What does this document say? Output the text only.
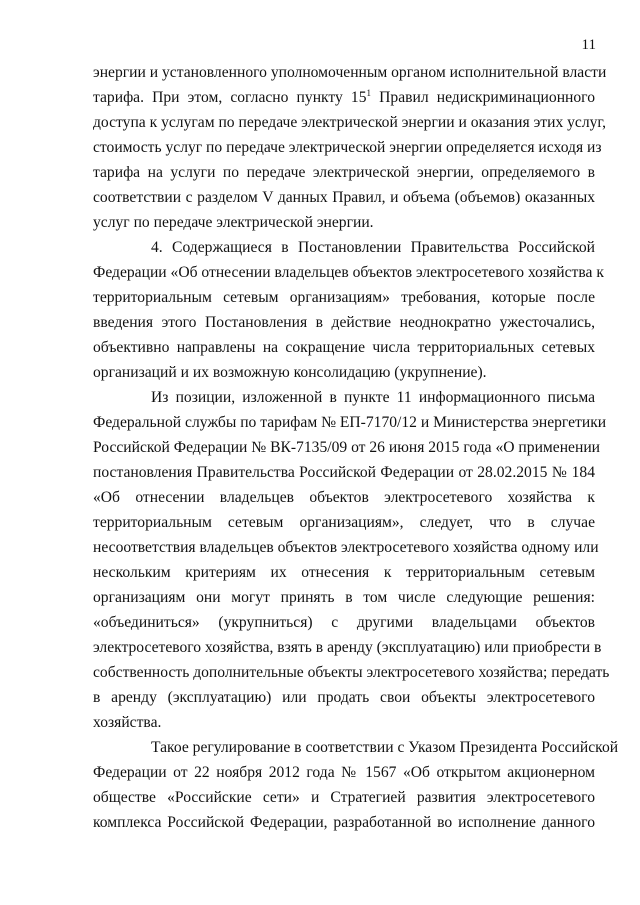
11
энергии и установленного уполномоченным органом исполнительной власти
тарифа. При этом, согласно пункту $15^1$ Правил недискриминационного
доступа к услугам по передаче электрической энергии и оказания этих услуг,
стоимость услуг по передаче электрической энергии определяется исходя из
тарифа на услуги по передаче электрической энергии, определяемого в
соответствии с разделом V данных Правил, и объема (объемов) оказанных
услуг по передаче электрической энергии.
4. Содержащиеся в Постановлении Правительства Российской
Федерации «Об отнесении владельцев объектов электросетевого хозяйства к
территориальным сетевым организациям» требования, которые после
введения этого Постановления в действие неоднократно ужесточались,
объективно направлены на сокращение числа территориальных сетевых
организаций и их возможную консолидацию (укрупнение).
Из позиции, изложенной в пункте 11 информационного письма
Федеральной службы по тарифам № ЕП-7170/12 и Министерства энергетики
Российской Федерации № ВК-7135/09 от 26 июня 2015 года «О применении
постановления Правительства Российской Федерации от 28.02.2015 № 184
«Об отнесении владельцев объектов электросетевого хозяйства к
территориальным сетевым организациям», следует, что в случае
несоответствия владельцев объектов электросетевого хозяйства одному или
нескольким критериям их отнесения к территориальным сетевым
организациям они могут принять в том числе следующие решения:
«объединиться» (укрупниться) с другими владельцами объектов
электросетевого хозяйства, взять в аренду (эксплуатацию) или приобрести в
собственность дополнительные объекты электросетевого хозяйства; передать
в аренду (эксплуатацию) или продать свои объекты электросетевого
хозяйства.
Такое регулирование в соответствии с Указом Президента Российской
Федерации от 22 ноября 2012 года № 1567 «Об открытом акционерном
обществе «Российские сети» и Стратегией развития электросетевого
комплекса Российской Федерации, разработанной во исполнение данного
